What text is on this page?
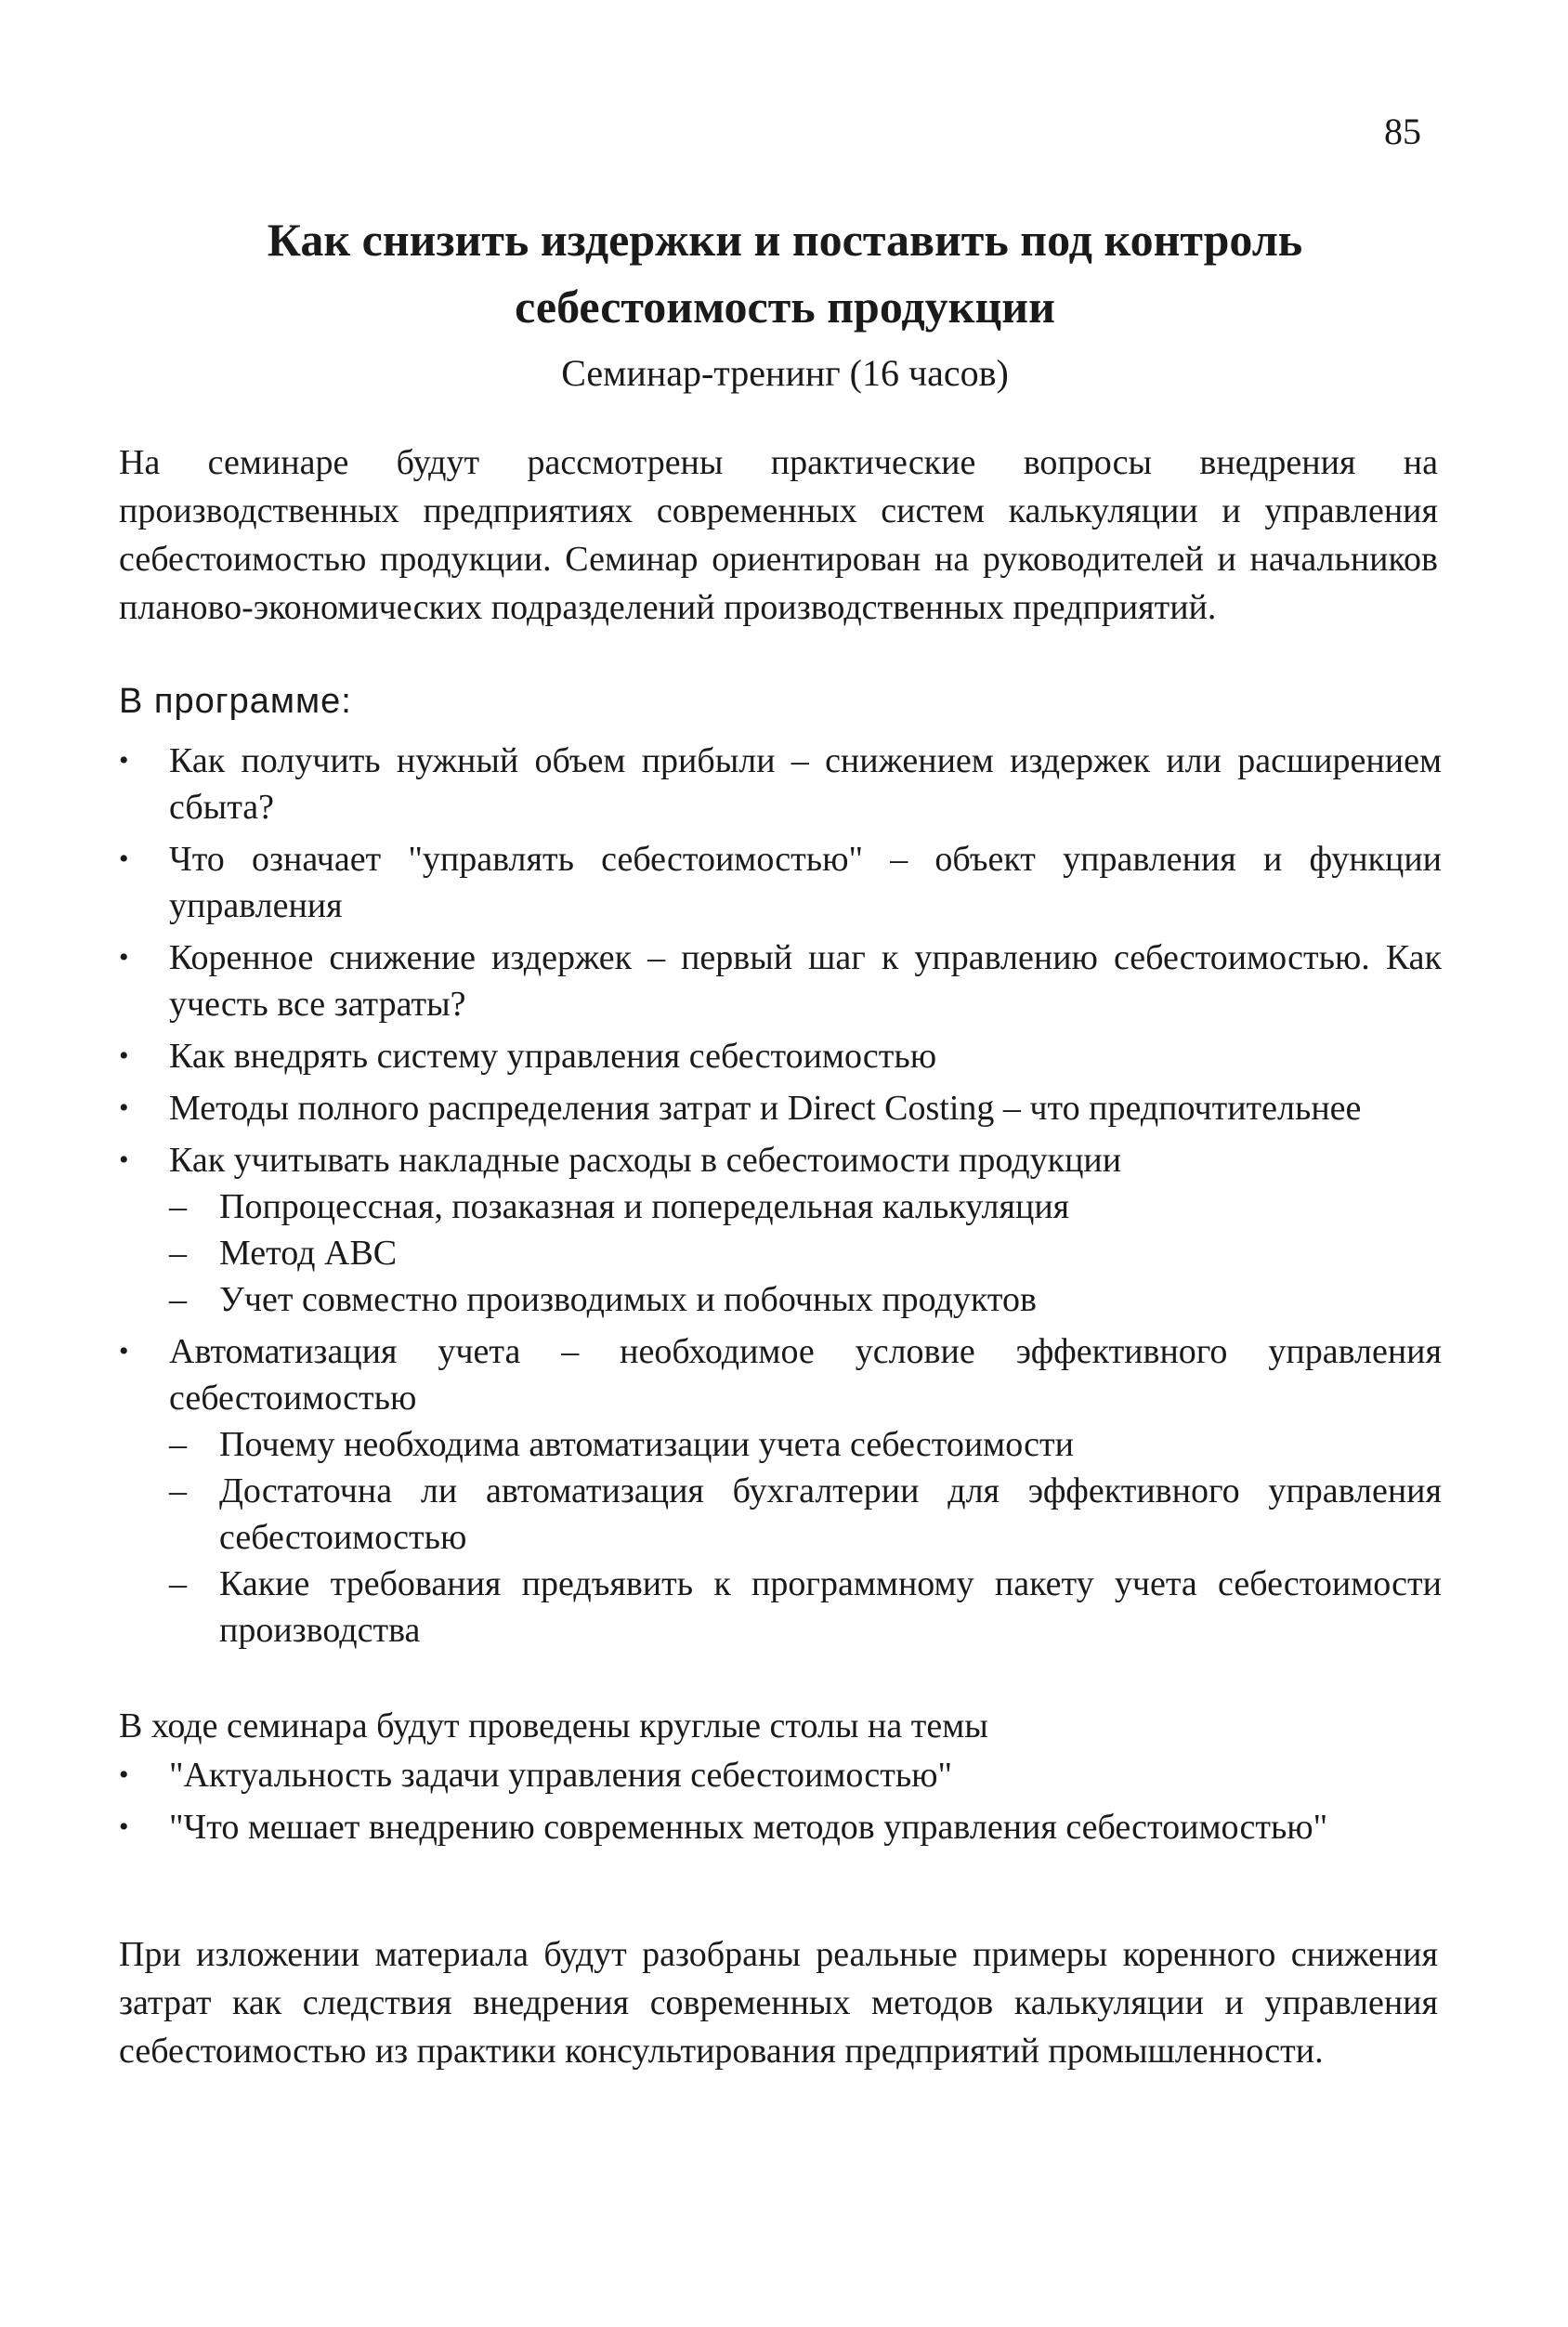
85
Как снизить издержки и поставить под контроль
себестоимость продукции
Семинар-тренинг (16 часов)
На семинаре будут рассмотрены практические вопросы внедрения на производственных предприятиях современных систем калькуляции и управления себестоимостью продукции. Семинар ориентирован на руководителей и начальников планово-экономических подразделений производственных предприятий.
В программе:
• Как получить нужный объем прибыли – снижением издержек или расширением сбыта?
• Что означает "управлять себестоимостью" – объект управления и функции управления
• Коренное снижение издержек – первый шаг к управлению себестоимостью. Как учесть все затраты?
• Как внедрять систему управления себестоимостью
• Методы полного распределения затрат и Direct Costing – что предпочтительнее
• Как учитывать накладные расходы в себестоимости продукции
– Попроцессная, позаказная и попередельная калькуляция
– Метод ABC
– Учет совместно производимых и побочных продуктов
• Автоматизация учета – необходимое условие эффективного управления себестоимостью
– Почему необходима автоматизации учета себестоимости
– Достаточна ли автоматизация бухгалтерии для эффективного управления себестоимостью
– Какие требования предъявить к программному пакету учета себестоимости производства
В ходе семинара будут проведены круглые столы на темы
• "Актуальность задачи управления себестоимостью"
• "Что мешает внедрению современных методов управления себестоимостью"
При изложении материала будут разобраны реальные примеры коренного снижения затрат как следствия внедрения современных методов калькуляции и управления себестоимостью из практики консультирования предприятий промышленности.
